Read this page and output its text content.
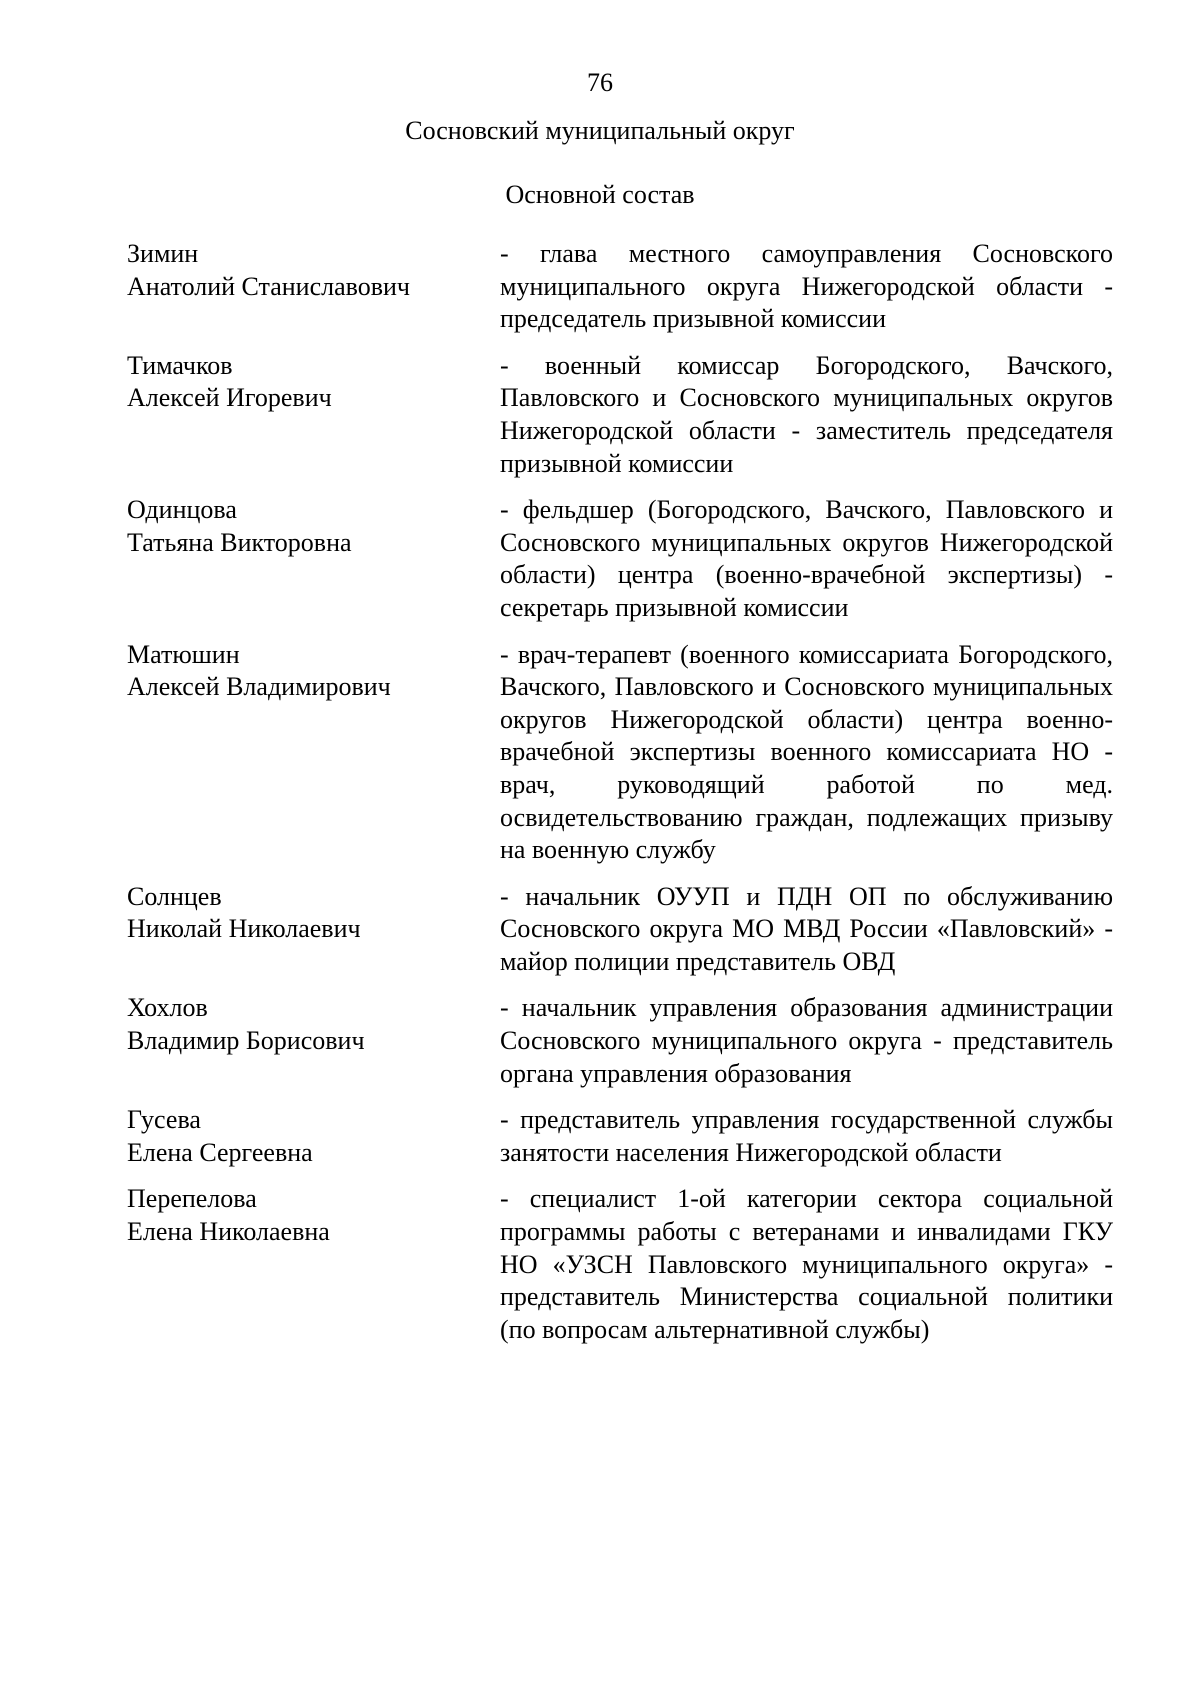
76
Сосновский муниципальный округ
Основной состав
Зимин
Анатолий Станиславович
- глава местного самоуправления Сосновского муниципального округа Нижегородской области - председатель призывной комиссии
Тимачков
Алексей Игоревич
- военный комиссар Богородского, Вачского, Павловского и Сосновского муниципальных округов Нижегородской области - заместитель председателя призывной комиссии
Одинцова
Татьяна Викторовна
- фельдшер (Богородского, Вачского, Павловского и Сосновского муниципальных округов Нижегородской области) центра (военно-врачебной экспертизы) - секретарь призывной комиссии
Матюшин
Алексей Владимирович
- врач-терапевт (военного комиссариата Богородского, Вачского, Павловского и Сосновского муниципальных округов Нижегородской области) центра военно-врачебной экспертизы военного комиссариата НО - врач, руководящий работой по мед. освидетельствованию граждан, подлежащих призыву на военную службу
Солнцев
Николай Николаевич
- начальник ОУУП и ПДН ОП по обслуживанию Сосновского округа МО МВД России «Павловский» - майор полиции представитель ОВД
Хохлов
Владимир Борисович
- начальник управления образования администрации Сосновского муниципального округа - представитель органа управления образования
Гусева
Елена Сергеевна
- представитель управления государственной службы занятости населения Нижегородской области
Перепелова
Елена Николаевна
- специалист 1-ой категории сектора социальной программы работы с ветеранами и инвалидами ГКУ НО «УЗСН Павловского муниципального округа» - представитель Министерства социальной политики (по вопросам альтернативной службы)
